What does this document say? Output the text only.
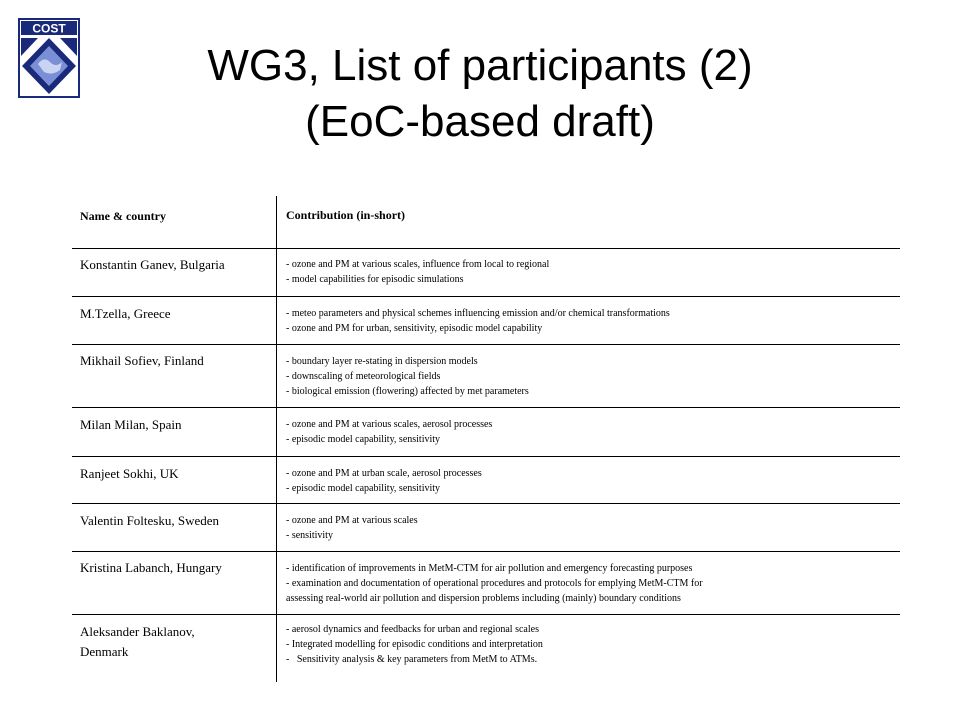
COST
WG3, List of participants (2)
(EoC-based draft)
Name & country	Contribution (in-short)
Konstantin Ganev, Bulgaria	- ozone and PM at various scales, influence from local to regional
- model capabilities for episodic simulations
M.Tzella, Greece	- meteo parameters and physical schemes influencing emission and/or chemical transformations
- ozone and PM for urban, sensitivity, episodic model capability
Mikhail Sofiev, Finland	- boundary layer re-stating in dispersion models
- downscaling of meteorological fields
- biological emission (flowering) affected by met parameters
Milan Milan, Spain	- ozone and PM at various scales, aerosol processes
- episodic model capability, sensitivity
Ranjeet Sokhi, UK	- ozone and PM at urban scale, aerosol processes
- episodic model capability, sensitivity
Valentin Foltesku, Sweden	- ozone and PM at various scales
- sensitivity
Kristina Labanch, Hungary	- identification of improvements in MetM-CTM for air pollution and emergency forecasting purposes
- examination and documentation of operational procedures and protocols for emplying MetM-CTM for
assessing real-world air pollution and dispersion problems including (mainly) boundary conditions
Aleksander Baklanov, Denmark
- aerosol dynamics and feedbacks for urban and regional scales
- Integrated modelling for episodic conditions and interpretation
-   Sensitivity analysis & key parameters from MetM to ATMs.
